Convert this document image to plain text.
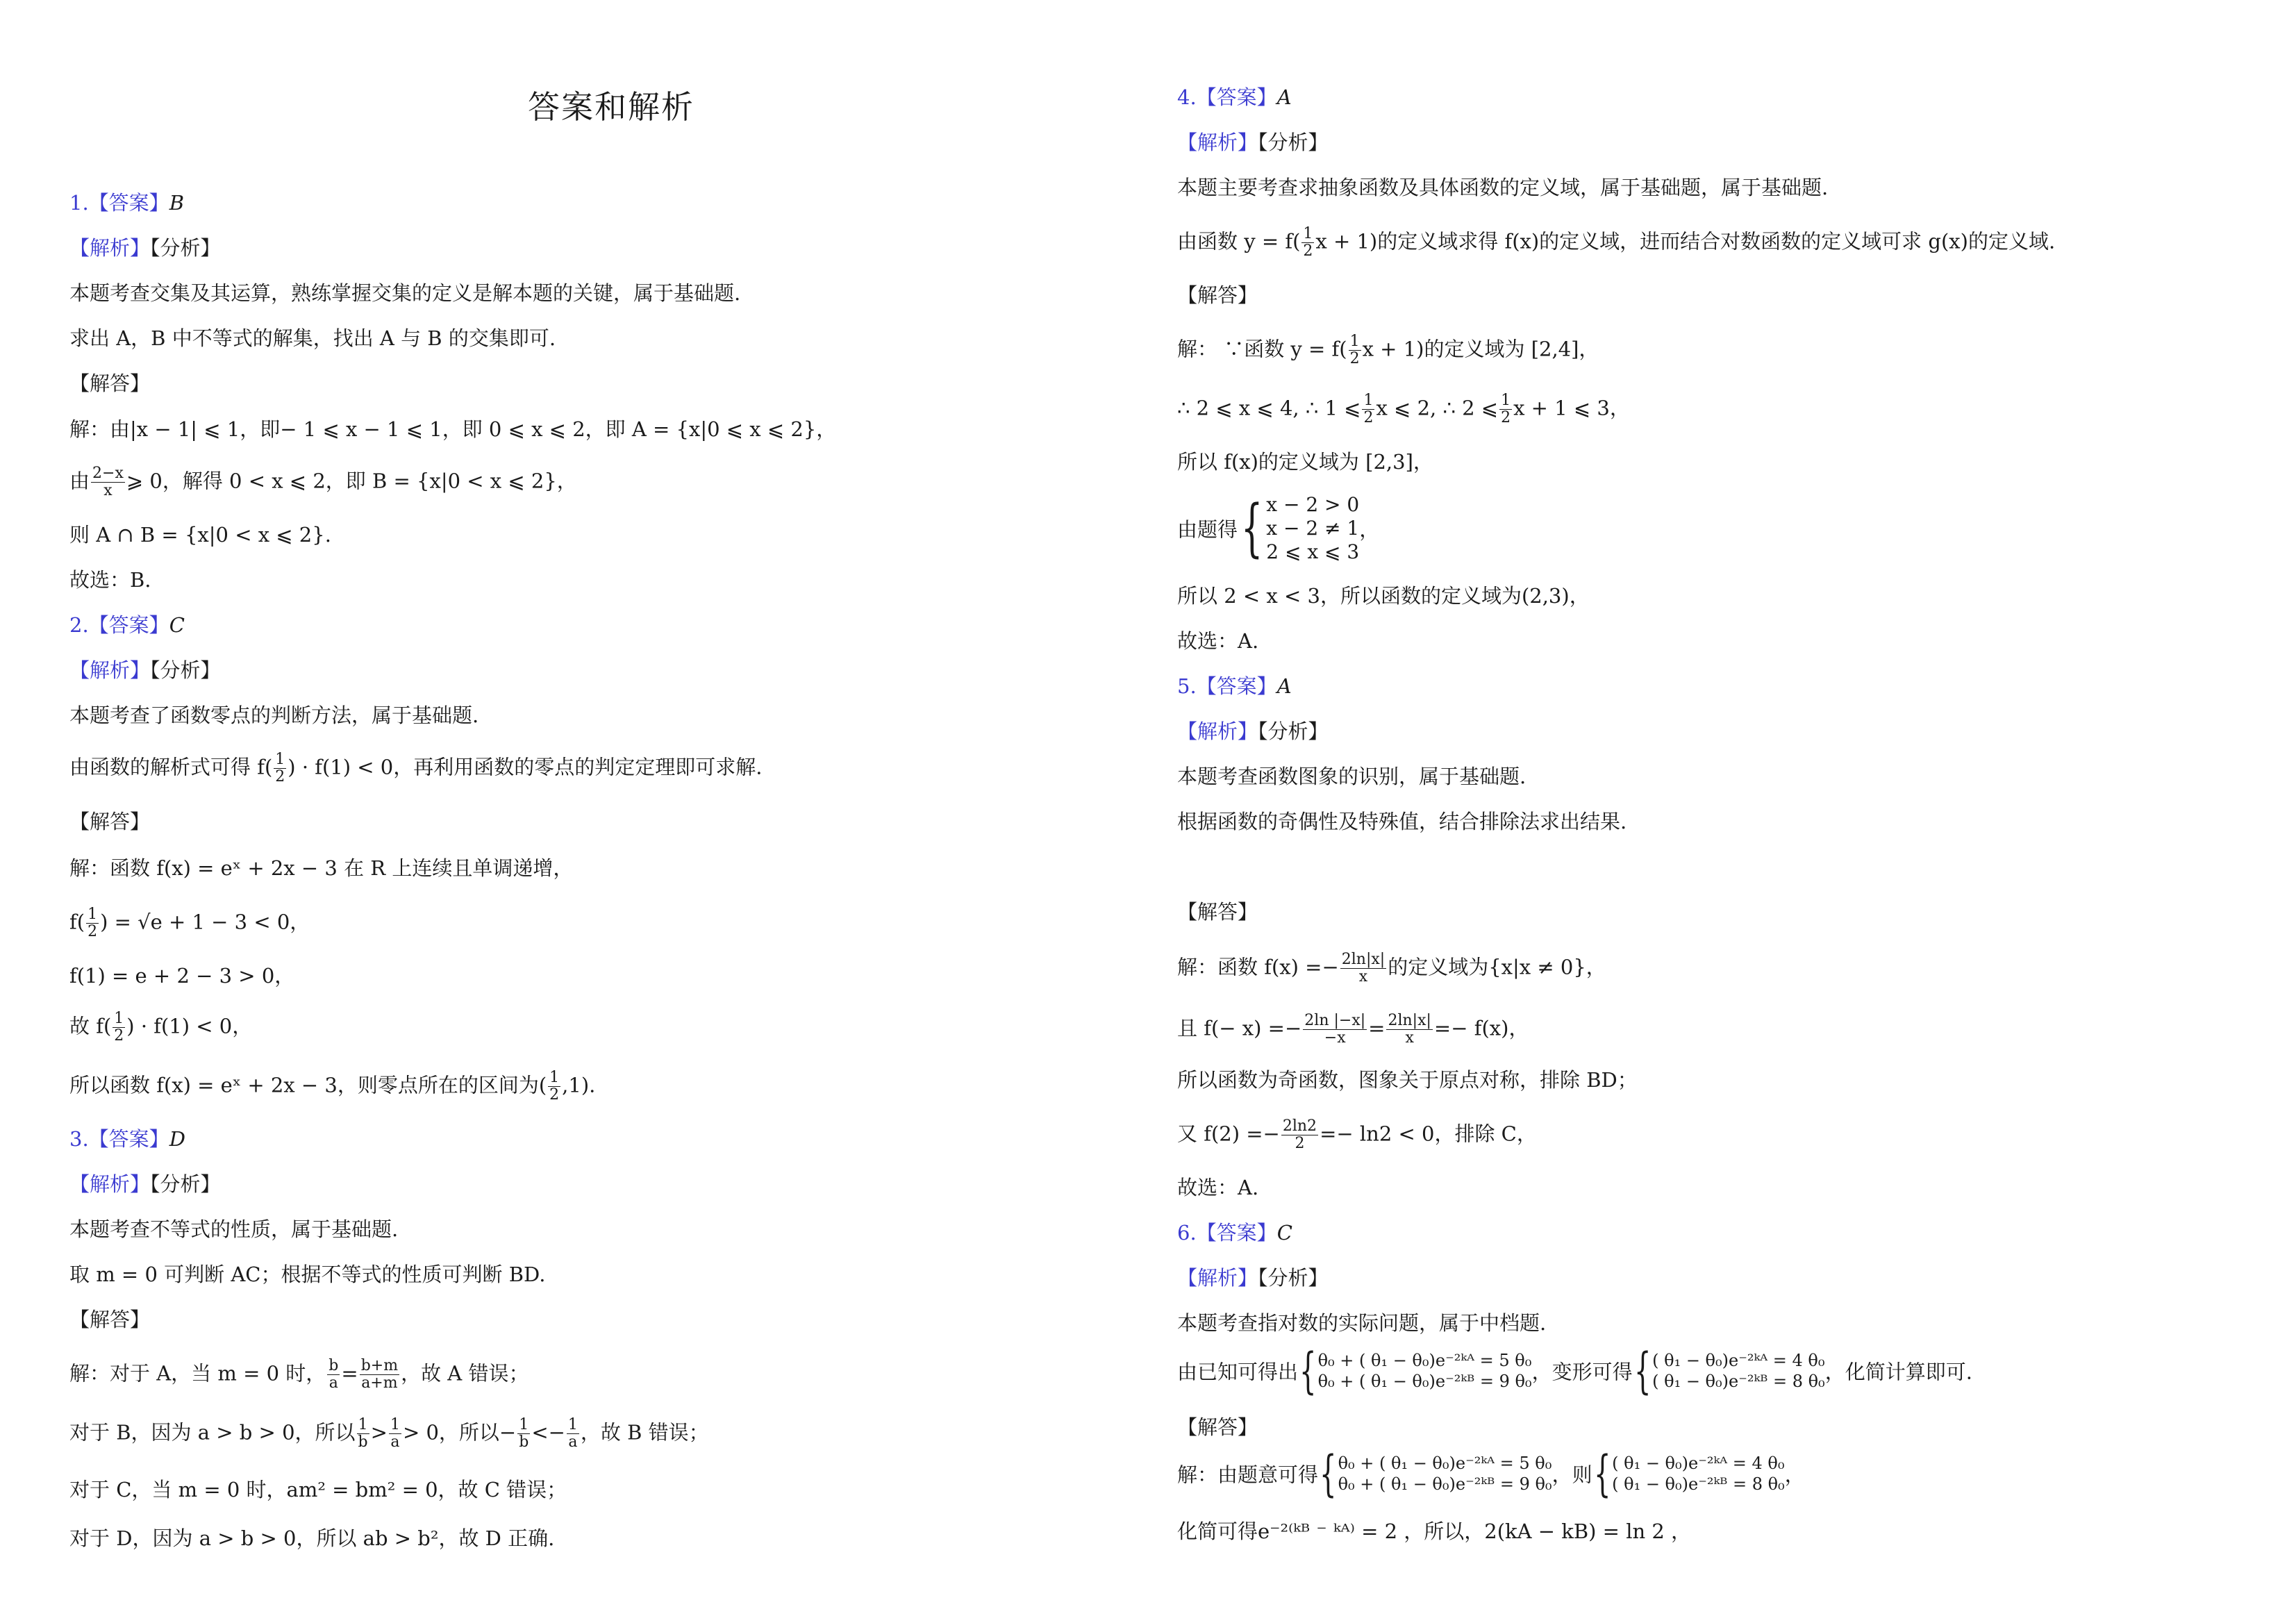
答案和解析
1.【答案】B
【解析】【分析】
本题考查交集及其运算，熟练掌握交集的定义是解本题的关键，属于基础题.
求出 A，B 中不等式的解集，找出 A 与 B 的交集即可.
【解答】
解：由|x − 1| ⩽ 1，即− 1 ⩽ x − 1 ⩽ 1，即 0 ⩽ x ⩽ 2，即 A = {x|0 ⩽ x ⩽ 2}，
由 $\frac{2-x}{x}$ ⩾ 0，解得 0 < x ⩽ 2，即 B = {x|0 < x ⩽ 2}，
则 A ∩ B = {x|0 < x ⩽ 2}.
故选：B.
2.【答案】C
【解析】【分析】
本题考查了函数零点的判断方法，属于基础题.
由函数的解析式可得 $f( \frac{1}{2}$ ) · f(1) < 0，再利用函数的零点的判定定理即可求解.
【解答】
解：函数 f(x) = eˣ + 2x − 3 在 R 上连续且单调递增，
$f( \frac{1}{2}$ ) = √e + 1 − 3 < 0，
f(1) = e + 2 − 3 > 0，
故 $f( \frac{1}{2}$ ) · f(1) < 0，
所以函数 f(x) = eˣ + 2x − 3，则零点所在的区间为( $\frac{1}{2} ,1$).
3.【答案】D
【解析】【分析】
本题考查不等式的性质，属于基础题.
取 m = 0 可判断 AC；根据不等式的性质可判断 BD.
【解答】
解：对于 A，当 m = 0 时， $\frac{b}{a} = \frac{b+m}{a+m}$ ，故 A 错误；
对于 B，因为 a > b > 0，所以 $\frac{1}{b} > \frac{1}{a} > 0$，所以− $\frac{1}{b} <- \frac{1}{a}$ ，故 B 错误；
对于 C，当 m = 0 时，am² = bm² = 0，故 C 错误；
对于 D，因为 a > b > 0，所以 ab > b²，故 D 正确.
4.【答案】A
【解析】【分析】
本题主要考查求抽象函数及具体函数的定义域，属于基础题，属于基础题.
由函数 $y = f( \frac{1}{2}$ x + 1)的定义域求得 f(x)的定义域，进而结合对数函数的定义域可求 g(x)的定义域.
【解答】
解： ∵函数 $y = f( \frac{1}{2}$ x + 1)的定义域为 [2,4]，
∴ 2 ⩽ x ⩽ 4, ∴ 1 ⩽ $\frac{1}{2}$ x ⩽ 2, ∴ 2 ⩽ $\frac{1}{2}$ x + 1 ⩽ 3，
所以 f(x)的定义域为 [2,3]，
由题得{ x − 2 > 0
x − 2 ≠ 1
2 ⩽ x ⩽ 3
，
所以 2 < x < 3，所以函数的定义域为(2,3)，
故选：A.
5.【答案】A
【解析】【分析】
本题考查函数图象的识别，属于基础题.
根据函数的奇偶性及特殊值，结合排除法求出结果.
【解答】
解：函数 $f(x) =- \frac{2\ln|x|}{x}$ 的定义域为{x|x ≠ 0}，
且 $f(- x) =- \frac{2\ln |-x|}{-x} = \frac{2\ln|x|}{x} =- f(x)$，
所以函数为奇函数，图象关于原点对称，排除 BD；
又 $f(2) =- \frac{2\ln 2}{2} =- \ln 2 < 0$，排除 C，
故选：A.
6.【答案】C
【解析】【分析】
本题考查指对数的实际问题，属于中档题.
由已知可得出{ θ₀ + ( θ₁ − θ₀)e⁻²ᵏᴬ = 5 θ₀
θ₀ + ( θ₁ − θ₀)e⁻²ᵏᴮ = 9 θ₀ ，变形可得{ ( θ₁ − θ₀)e⁻²ᵏᴬ = 4 θ₀
( θ₁ − θ₀)e⁻²ᵏᴮ = 8 θ₀ ，化简计算即可.
【解答】
解：由题意可得{ θ₀ + ( θ₁ − θ₀)e⁻²ᵏᴬ = 5 θ₀
θ₀ + ( θ₁ − θ₀)e⁻²ᵏᴮ = 9 θ₀ ，则{ ( θ₁ − θ₀)e⁻²ᵏᴬ = 4 θ₀
( θ₁ − θ₀)e⁻²ᵏᴮ = 8 θ₀ ，
化简可得e⁻²⁽ᵏᴮ ⁻ ᵏᴬ⁾ = 2 ，所以，2(kA − kB) = ln 2 ，
